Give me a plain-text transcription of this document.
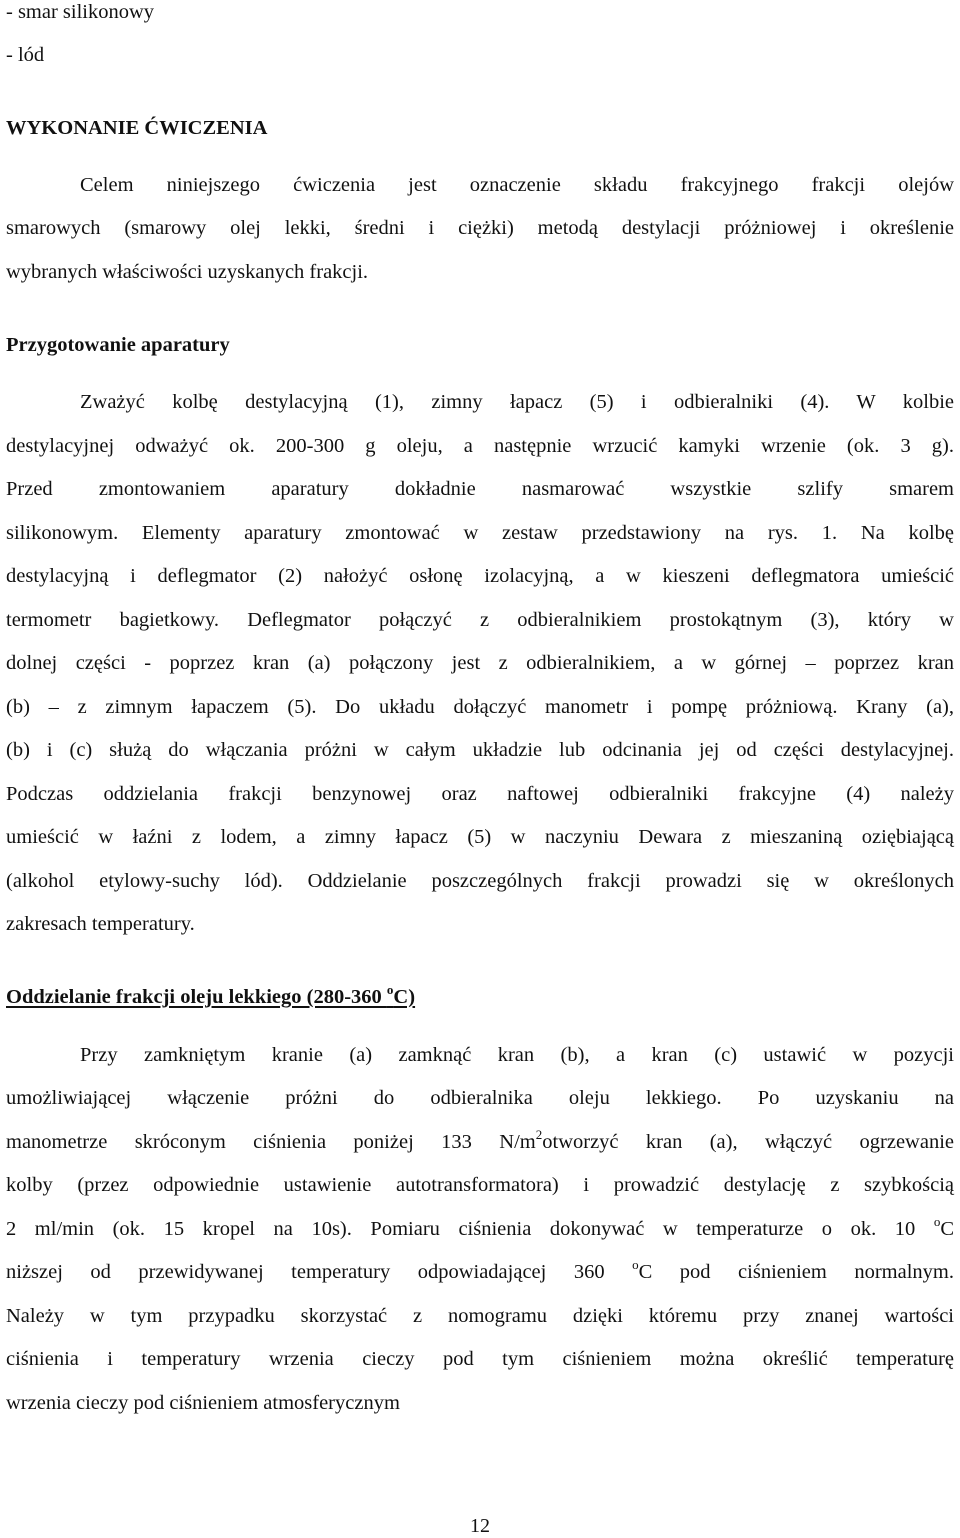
- smar silikonowy
- lód
WYKONANIE ĆWICZENIA
Celem niniejszego ćwiczenia jest oznaczenie składu frakcyjnego frakcji olejów
smarowych (smarowy olej lekki, średni i ciężki) metodą destylacji próżniowej i określenie
wybranych właściwości uzyskanych frakcji.
Przygotowanie aparatury
Zważyć kolbę destylacyjną (1), zimny łapacz (5) i odbieralniki (4). W kolbie
destylacyjnej odważyć ok. 200-300 g oleju, a następnie wrzucić kamyki wrzenie (ok. 3 g).
Przed zmontowaniem aparatury dokładnie nasmarować wszystkie szlify smarem
silikonowym. Elementy aparatury zmontować w zestaw przedstawiony na rys. 1. Na kolbę
destylacyjną i deflegmator (2) nałożyć osłonę izolacyjną, a w kieszeni deflegmatora umieścić
termometr bagietkowy. Deflegmator połączyć z odbieralnikiem prostokątnym (3), który w
dolnej części - poprzez kran (a) połączony jest z odbieralnikiem, a w górnej – poprzez kran
(b) – z zimnym łapaczem (5). Do układu dołączyć manometr i pompę próżniową. Krany (a),
(b) i (c) służą do włączania próżni w całym układzie lub odcinania jej od części destylacyjnej.
Podczas oddzielania frakcji benzynowej oraz naftowej odbieralniki frakcyjne (4) należy
umieścić w łaźni z lodem, a zimny łapacz (5) w naczyniu Dewara z mieszaniną oziębiającą
(alkohol etylowy-suchy lód). Oddzielanie poszczególnych frakcji prowadzi się w określonych
zakresach temperatury.
Oddzielanie frakcji oleju lekkiego (280-360 $^o$C)
Przy zamkniętym kranie (a) zamknąć kran (b), a kran (c) ustawić w pozycji
umożliwiającej włączenie próżni do odbieralnika oleju lekkiego. Po uzyskaniu na
manometrze skróconym ciśnienia poniżej 133 $N/m^2otworzyć$ kran (a), włączyć ogrzewanie
kolby (przez odpowiednie ustawienie autotransformatora) i prowadzić destylację z szybkością
2 ml/min (ok. 15 kropel na 10s). Pomiaru ciśnienia dokonywać w temperaturze o ok. 10 $^o$C
niższej od przewidywanej temperatury odpowiadającej 360 $^o$C pod ciśnieniem normalnym.
Należy w tym przypadku skorzystać z nomogramu dzięki któremu przy znanej wartości
ciśnienia i temperatury wrzenia cieczy pod tym ciśnieniem można określić temperaturę
wrzenia cieczy pod ciśnieniem atmosferycznym
12
